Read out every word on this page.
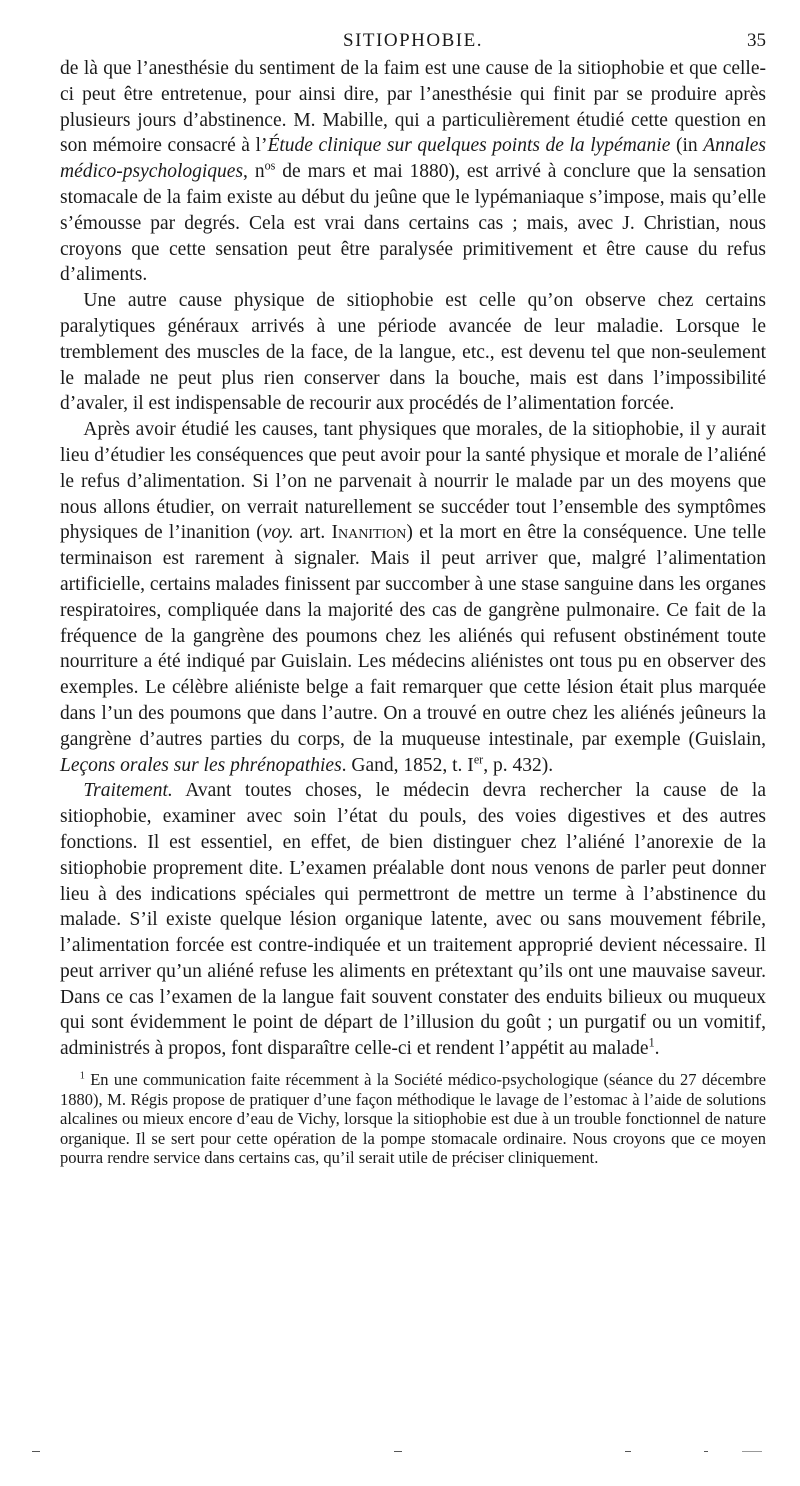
SITIOPHOBIE.	35

de là que l’anesthésie du sentiment de la faim est une cause de la sitiophobie et que celle-ci peut être entretenue, pour ainsi dire, par l’anesthésie qui finit par se produire après plusieurs jours d’abstinence. M. Mabille, qui a particulièrement étudié cette question en son mémoire consacré à l’Étude clinique sur quelques points de la lypémanie (in Annales médico-psychologiques, $n^{os}$ de mars et mai 1880), est arrivé à conclure que la sensation stomacale de la faim existe au début du jeûne que le lypémaniaque s’impose, mais qu’elle s’émousse par degrés. Cela est vrai dans certains cas ; mais, avec J. Christian, nous croyons que cette sensation peut être paralysée primitivement et être cause du refus d’aliments.

Une autre cause physique de sitiophobie est celle qu’on observe chez certains paralytiques généraux arrivés à une période avancée de leur maladie. Lorsque le tremblement des muscles de la face, de la langue, etc., est devenu tel que non-seulement le malade ne peut plus rien conserver dans la bouche, mais est dans l’impossibilité d’avaler, il est indispensable de recourir aux procédés de l’alimentation forcée.

Après avoir étudié les causes, tant physiques que morales, de la sitiophobie, il y aurait lieu d’étudier les conséquences que peut avoir pour la santé physique et morale de l’aliéné le refus d’alimentation. Si l’on ne parvenait à nourrir le malade par un des moyens que nous allons étudier, on verrait naturellement se succéder tout l’ensemble des symptômes physiques de l’inanition (voy. art. Inanition) et la mort en être la conséquence. Une telle terminaison est rarement à signaler. Mais il peut arriver que, malgré l’alimentation artificielle, certains malades finissent par succomber à une stase sanguine dans les organes respiratoires, compliquée dans la majorité des cas de gangrène pulmonaire. Ce fait de la fréquence de la gangrène des poumons chez les aliénés qui refusent obstinément toute nourriture a été indiqué par Guislain. Les médecins aliénistes ont tous pu en observer des exemples. Le célèbre aliéniste belge a fait remarquer que cette lésion était plus marquée dans l’un des poumons que dans l’autre. On a trouvé en outre chez les aliénés jeûneurs la gangrène d’autres parties du corps, de la muqueuse intestinale, par exemple (Guislain, Leçons orales sur les phrénopathies. Gand, 1852, t. Ier, p. 432).

Traitement. Avant toutes choses, le médecin devra rechercher la cause de la sitiophobie, examiner avec soin l’état du pouls, des voies digestives et des autres fonctions. Il est essentiel, en effet, de bien distinguer chez l’aliéné l’anorexie de la sitiophobie proprement dite. L’examen préalable dont nous venons de parler peut donner lieu à des indications spéciales qui permettront de mettre un terme à l’abstinence du malade. S’il existe quelque lésion organique latente, avec ou sans mouvement fébrile, l’alimentation forcée est contre-indiquée et un traitement approprié devient nécessaire. Il peut arriver qu’un aliéné refuse les aliments en prétextant qu’ils ont une mauvaise saveur. Dans ce cas l’examen de la langue fait souvent constater des enduits bilieux ou muqueux qui sont évidemment le point de départ de l’illusion du goût ; un purgatif ou un vomitif, administrés à propos, font disparaître celle-ci et rendent l’appétit au malade$^1$.

$^1$ En une communication faite récemment à la Société médico-psychologique (séance du 27 décembre 1880), M. Régis propose de pratiquer d’une façon méthodique le lavage de l’estomac à l’aide de solutions alcalines ou mieux encore d’eau de Vichy, lorsque la sitiophobie est due à un trouble fonctionnel de nature organique. Il se sert pour cette opération de la pompe stomacale ordinaire. Nous croyons que ce moyen pourra rendre service dans certains cas, qu’il serait utile de préciser cliniquement.
